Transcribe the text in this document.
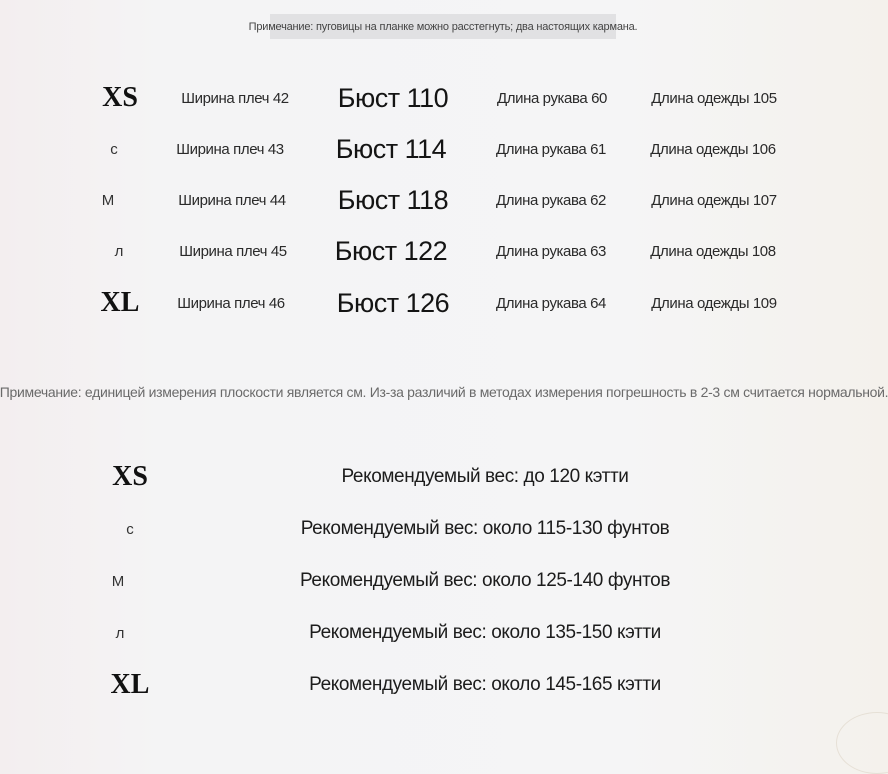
Примечание: пуговицы на планке можно расстегнуть; два настоящих кармана.
XS	Ширина плеч 42	Бюст 110	Длина рукава 60	Длина одежды 105
с	Ширина плеч 43	Бюст 114	Длина рукава 61	Длина одежды 106
М	Ширина плеч 44	Бюст 118	Длина рукава 62	Длина одежды 107
л	Ширина плеч 45	Бюст 122	Длина рукава 63	Длина одежды 108
XL	Ширина плеч 46	Бюст 126	Длина рукава 64	Длина одежды 109
Примечание: единицей измерения плоскости является см. Из-за различий в методах измерения погрешность в 2-3 см считается нормальной.
XS	Рекомендуемый вес: до 120 кэтти
с	Рекомендуемый вес: около 115-130 фунтов
М	Рекомендуемый вес: около 125-140 фунтов
л	Рекомендуемый вес: около 135-150 кэтти
XL	Рекомендуемый вес: около 145-165 кэтти
